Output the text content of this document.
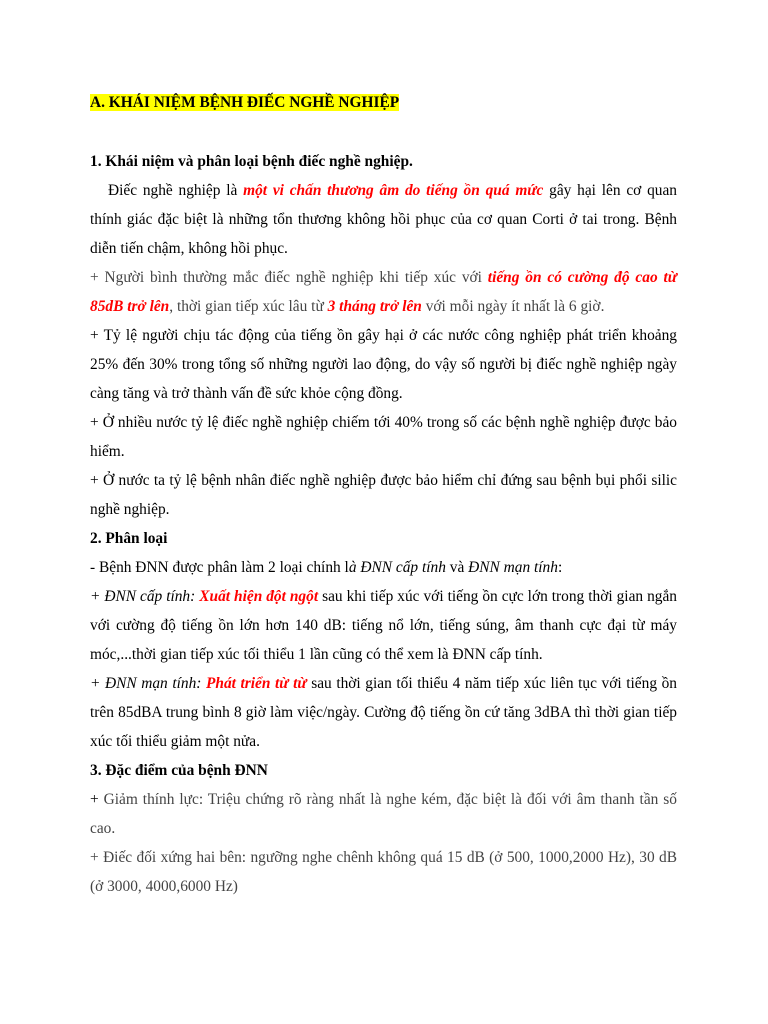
A. KHÁI NIỆM BỆNH ĐIẾC NGHỀ NGHIỆP

1. Khái niệm và phân loại bệnh điếc nghề nghiệp.

Điếc nghề nghiệp là một vi chấn thương âm do tiếng ồn quá mức gây hại lên cơ quan thính giác đặc biệt là những tổn thương không hồi phục của cơ quan Corti ở tai trong. Bệnh diễn tiến chậm, không hồi phục.

+ Người bình thường mắc điếc nghề nghiệp khi tiếp xúc với tiếng ồn có cường độ cao từ 85dB trở lên, thời gian tiếp xúc lâu từ 3 tháng trở lên với mỗi ngày ít nhất là 6 giờ.

+ Tỷ lệ người chịu tác động của tiếng ồn gây hại ở các nước công nghiệp phát triển khoảng 25% đến 30% trong tổng số những người lao động, do vậy số người bị điếc nghề nghiệp ngày càng tăng và trở thành vấn đề sức khỏe cộng đồng.

+ Ở nhiều nước tỷ lệ điếc nghề nghiệp chiếm tới 40% trong số các bệnh nghề nghiệp được bảo hiểm.

+ Ở nước ta tỷ lệ bệnh nhân điếc nghề nghiệp được bảo hiểm chỉ đứng sau bệnh bụi phổi silic nghề nghiệp.

2. Phân loại

- Bệnh ĐNN được phân làm 2 loại chính là ĐNN cấp tính và ĐNN mạn tính:

+ ĐNN cấp tính: Xuất hiện đột ngột sau khi tiếp xúc với tiếng ồn cực lớn trong thời gian ngắn với cường độ tiếng ồn lớn hơn 140 dB: tiếng nổ lớn, tiếng súng, âm thanh cực đại từ máy móc,...thời gian tiếp xúc tối thiểu 1 lần cũng có thể xem là ĐNN cấp tính.

+ ĐNN mạn tính: Phát triển từ từ sau thời gian tối thiểu 4 năm tiếp xúc liên tục với tiếng ồn trên 85dBA trung bình 8 giờ làm việc/ngày. Cường độ tiếng ồn cứ tăng 3dBA thì thời gian tiếp xúc tối thiểu giảm một nửa.

3. Đặc điểm của bệnh ĐNN

+ Giảm thính lực: Triệu chứng rõ ràng nhất là nghe kém, đặc biệt là đối với âm thanh tần số cao.

+ Điếc đối xứng hai bên: ngưỡng nghe chênh không quá 15 dB (ở 500, 1000,2000 Hz), 30 dB (ở 3000, 4000,6000 Hz)
